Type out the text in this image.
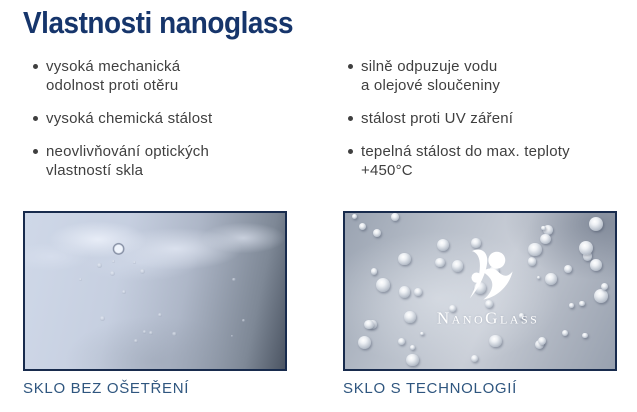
Vlastnosti nanoglass
vysoká mechanická
odolnost proti otěru
vysoká chemická stálost
neovlivňování optických
vlastností skla
silně odpuzuje vodu
a olejové sloučeniny
stálost proti UV záření
tepelná stálost do max. teploty
+450°C
NanoGlass
SKLO BEZ OŠETŘENÍ	SKLO S TECHNOLOGIÍ
